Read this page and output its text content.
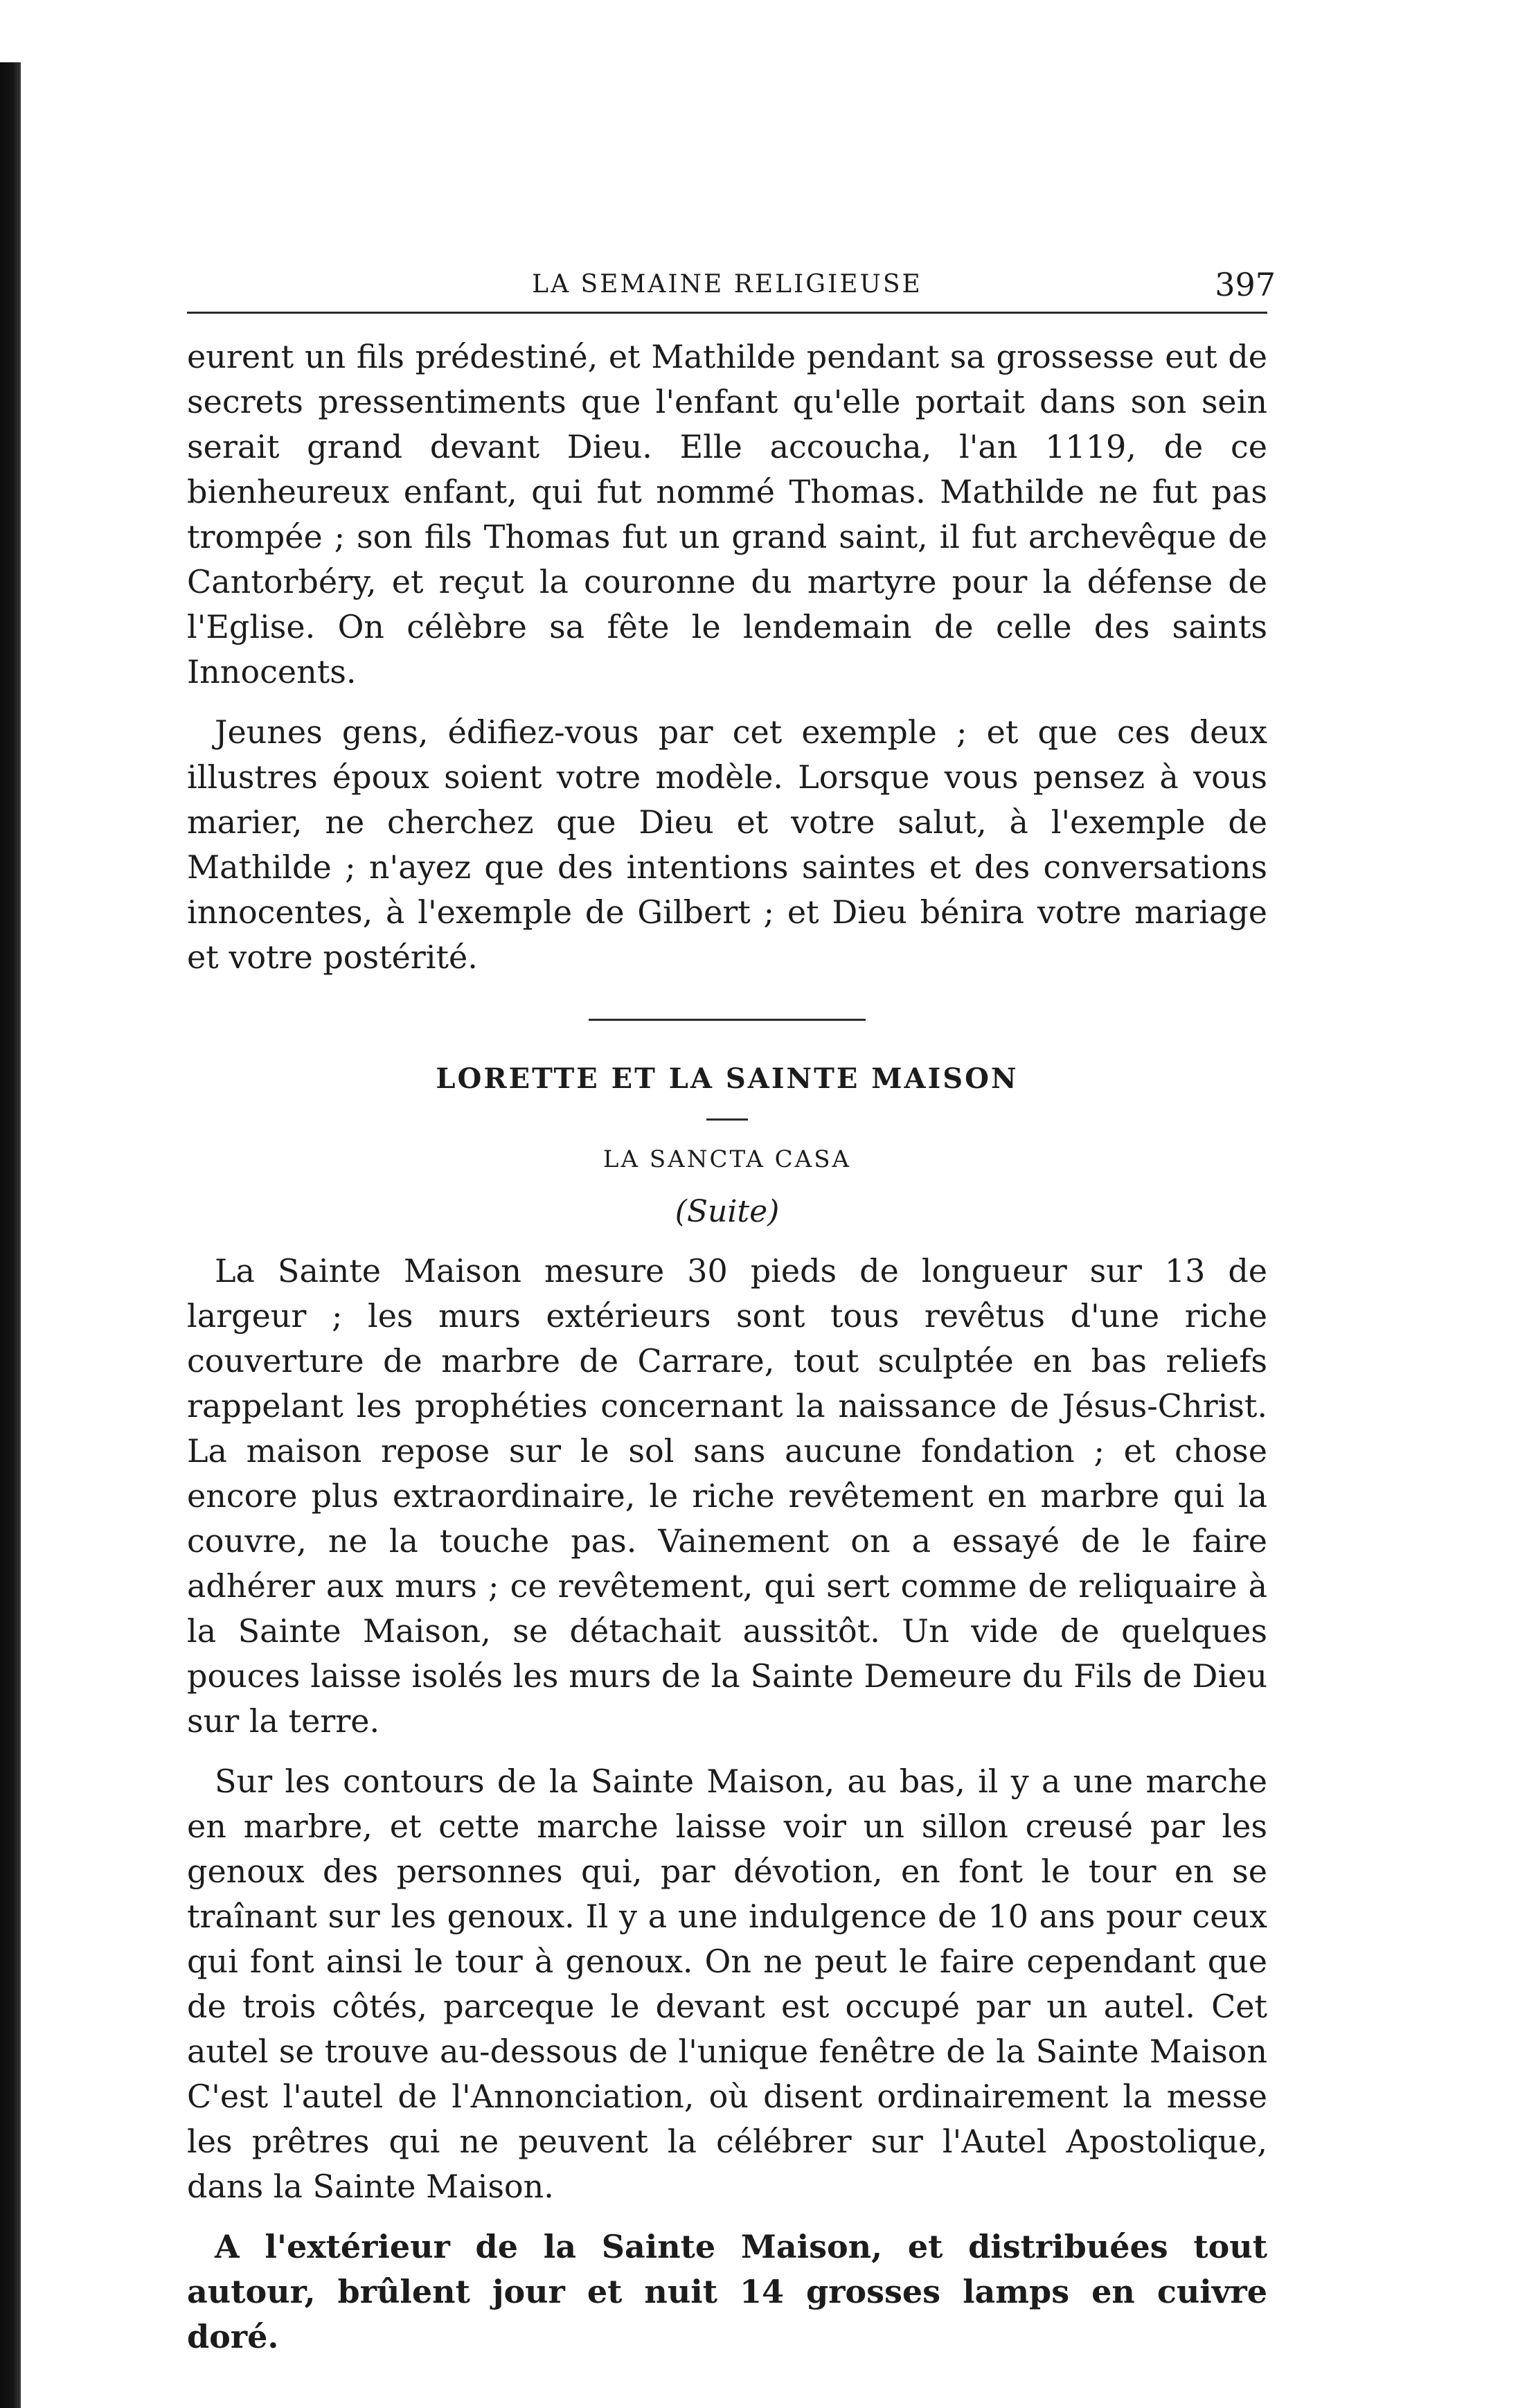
LA SEMAINE RELIGIEUSE	397

eurent un fils prédestiné, et Mathilde pendant sa grossesse eut de secrets pressentiments que l'enfant qu'elle portait dans son sein serait grand devant Dieu. Elle accoucha, l'an 1119, de ce bienheureux enfant, qui fut nommé Thomas. Mathilde ne fut pas trompée ; son fils Thomas fut un grand saint, il fut archevêque de Cantorbéry, et reçut la couronne du martyre pour la défense de l'Eglise. On célèbre sa fête le lendemain de celle des saints Innocents.

Jeunes gens, édifiez-vous par cet exemple ; et que ces deux illustres époux soient votre modèle. Lorsque vous pensez à vous marier, ne cherchez que Dieu et votre salut, à l'exemple de Mathilde ; n'ayez que des intentions saintes et des conversations innocentes, à l'exemple de Gilbert ; et Dieu bénira votre mariage et votre postérité.

LORETTE ET LA SAINTE MAISON
LA SANCTA CASA
(Suite)

La Sainte Maison mesure 30 pieds de longueur sur 13 de largeur ; les murs extérieurs sont tous revêtus d'une riche couverture de marbre de Carrare, tout sculptée en bas reliefs rappelant les prophéties concernant la naissance de Jésus-Christ. La maison repose sur le sol sans aucune fondation ; et chose encore plus extraordinaire, le riche revêtement en marbre qui la couvre, ne la touche pas. Vainement on a essayé de le faire adhérer aux murs ; ce revêtement, qui sert comme de reliquaire à la Sainte Maison, se détachait aussitôt. Un vide de quelques pouces laisse isolés les murs de la Sainte Demeure du Fils de Dieu sur la terre.

Sur les contours de la Sainte Maison, au bas, il y a une marche en marbre, et cette marche laisse voir un sillon creusé par les genoux des personnes qui, par dévotion, en font le tour en se traînant sur les genoux. Il y a une indulgence de 10 ans pour ceux qui font ainsi le tour à genoux. On ne peut le faire cependant que de trois côtés, parceque le devant est occupé par un autel. Cet autel se trouve au-dessous de l'unique fenêtre de la Sainte Maison C'est l'autel de l'Annonciation, où disent ordinairement la messe les prêtres qui ne peuvent la célébrer sur l'Autel Apostolique, dans la Sainte Maison.

A l'extérieur de la Sainte Maison, et distribuées tout autour, brûlent jour et nuit 14 grosses lamps en cuivre doré.
